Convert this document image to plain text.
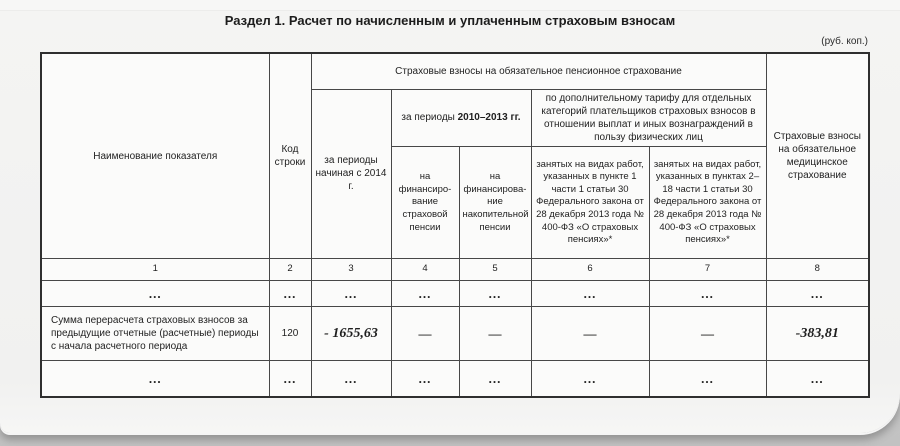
Раздел 1. Расчет по начисленным и уплаченным страховым взносам
(руб. коп.)
Наименование показателя	Код строки	Страховые взносы на обязательное пенсионное страхование					Страховые взносы на обязательное медицинское страхование
		за периоды начиная с 2014 г.	за периоды 2010–2013 гг.		по дополнительному тарифу для отдельных категорий плательщиков страховых взносов в отношении выплат и иных вознаграждений в пользу физических лиц		
			на финансирование страховой пенсии	на финансирование накопительной пенсии	занятых на видах работ, указанных в пункте 1 части 1 статьи 30 Федерального закона от 28 декабря 2013 года № 400-ФЗ «О страховых пенсиях»*	занятых на видах работ, указанных в пунктах 2–18 части 1 статьи 30 Федерального закона от 28 декабря 2013 года № 400-ФЗ «О страховых пенсиях»*	
1	2	3	4	5	6	7	8
...	...	...	...	...	...	...	...
Сумма перерасчета страховых взносов за предыдущие отчетные (расчетные) периоды с начала расчетного периода	120	- 1655,63	—	—	—	—	-383,81
...	...	...	...	...	...	...	...
